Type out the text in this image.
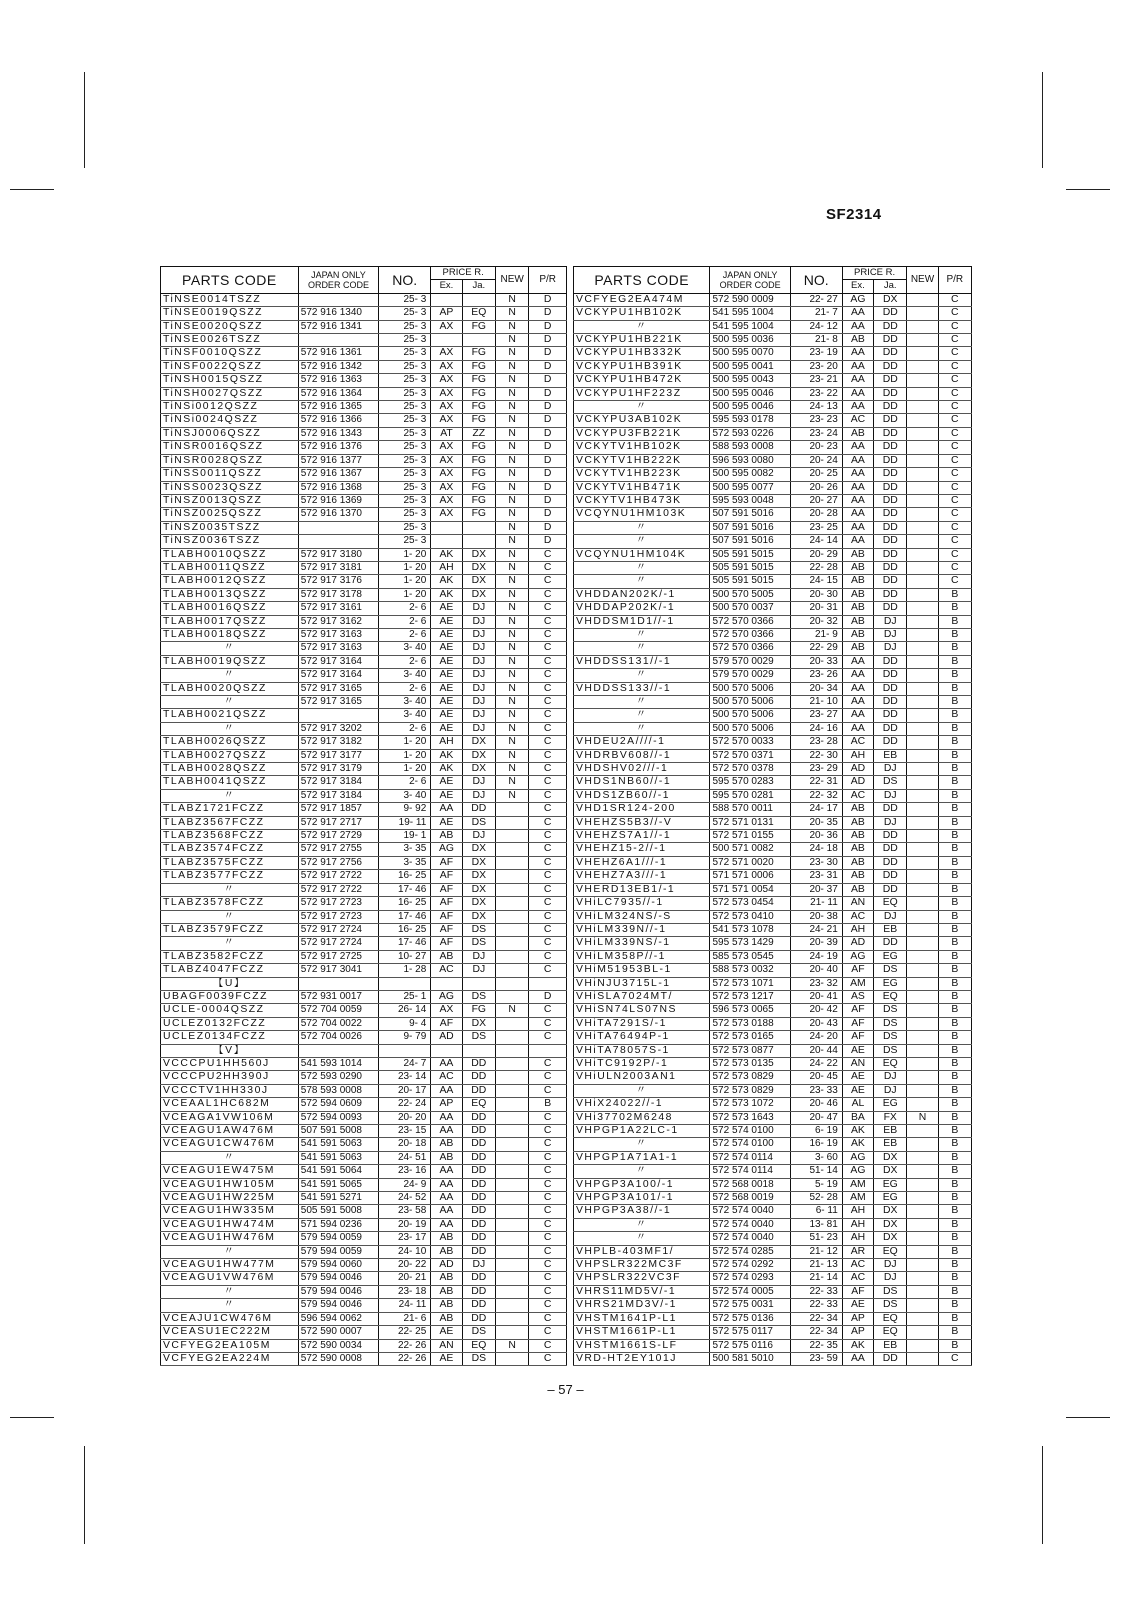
SF2314
PARTS CODE	JAPAN ONLY
ORDER CODE	NO.	PRICE R.		NEW	P/R
			Ex.	Ja.		
TiNSE0014TSZZ		25- 3			N	D
TiNSE0019QSZZ	572 916 1340	25- 3	AP	EQ	N	D
TiNSE0020QSZZ	572 916 1341	25- 3	AX	FG	N	D
TiNSE0026TSZZ		25- 3			N	D
TiNSF0010QSZZ	572 916 1361	25- 3	AX	FG	N	D
TiNSF0022QSZZ	572 916 1342	25- 3	AX	FG	N	D
TiNSH0015QSZZ	572 916 1363	25- 3	AX	FG	N	D
TiNSH0027QSZZ	572 916 1364	25- 3	AX	FG	N	D
TiNSi0012QSZZ	572 916 1365	25- 3	AX	FG	N	D
TiNSi0024QSZZ	572 916 1366	25- 3	AX	FG	N	D
TiNSJ0006QSZZ	572 916 1343	25- 3	AT	ZZ	N	D
TiNSR0016QSZZ	572 916 1376	25- 3	AX	FG	N	D
TiNSR0028QSZZ	572 916 1377	25- 3	AX	FG	N	D
TiNSS0011QSZZ	572 916 1367	25- 3	AX	FG	N	D
TiNSS0023QSZZ	572 916 1368	25- 3	AX	FG	N	D
TiNSZ0013QSZZ	572 916 1369	25- 3	AX	FG	N	D
TiNSZ0025QSZZ	572 916 1370	25- 3	AX	FG	N	D
TiNSZ0035TSZZ		25- 3			N	D
TiNSZ0036TSZZ		25- 3			N	D
TLABH0010QSZZ	572 917 3180	1- 20	AK	DX	N	C
TLABH0011QSZZ	572 917 3181	1- 20	AH	DX	N	C
TLABH0012QSZZ	572 917 3176	1- 20	AK	DX	N	C
TLABH0013QSZZ	572 917 3178	1- 20	AK	DX	N	C
TLABH0016QSZZ	572 917 3161	2- 6	AE	DJ	N	C
TLABH0017QSZZ	572 917 3162	2- 6	AE	DJ	N	C
TLABH0018QSZZ	572 917 3163	2- 6	AE	DJ	N	C
〃	572 917 3163	3- 40	AE	DJ	N	C
TLABH0019QSZZ	572 917 3164	2- 6	AE	DJ	N	C
〃	572 917 3164	3- 40	AE	DJ	N	C
TLABH0020QSZZ	572 917 3165	2- 6	AE	DJ	N	C
〃	572 917 3165	3- 40	AE	DJ	N	C
TLABH0021QSZZ		3- 40	AE	DJ	N	C
〃	572 917 3202	2- 6	AE	DJ	N	C
TLABH0026QSZZ	572 917 3182	1- 20	AH	DX	N	C
TLABH0027QSZZ	572 917 3177	1- 20	AK	DX	N	C
TLABH0028QSZZ	572 917 3179	1- 20	AK	DX	N	C
TLABH0041QSZZ	572 917 3184	2- 6	AE	DJ	N	C
〃	572 917 3184	3- 40	AE	DJ	N	C
TLABZ1721FCZZ	572 917 1857	9- 92	AA	DD		C
TLABZ3567FCZZ	572 917 2717	19- 11	AE	DS		C
TLABZ3568FCZZ	572 917 2729	19- 1	AB	DJ		C
TLABZ3574FCZZ	572 917 2755	3- 35	AG	DX		C
TLABZ3575FCZZ	572 917 2756	3- 35	AF	DX		C
TLABZ3577FCZZ	572 917 2722	16- 25	AF	DX		C
〃	572 917 2722	17- 46	AF	DX		C
TLABZ3578FCZZ	572 917 2723	16- 25	AF	DX		C
〃	572 917 2723	17- 46	AF	DX		C
TLABZ3579FCZZ	572 917 2724	16- 25	AF	DS		C
〃	572 917 2724	17- 46	AF	DS		C
TLABZ3582FCZZ	572 917 2725	10- 27	AB	DJ		C
TLABZ4047FCZZ	572 917 3041	1- 28	AC	DJ		C
【U】						
UBAGF0039FCZZ	572 931 0017	25- 1	AG	DS		D
UCLE-0004QSZZ	572 704 0059	26- 14	AX	FG	N	C
UCLEZ0132FCZZ	572 704 0022	9- 4	AF	DX		C
UCLEZ0134FCZZ	572 704 0026	9- 79	AD	DS		C
【V】						
VCCCPU1HH560J	541 593 1014	24- 7	AA	DD		C
VCCCPU2HH390J	572 593 0290	23- 14	AC	DD		C
VCCCTV1HH330J	578 593 0008	20- 17	AA	DD		C
VCEAAL1HC682M	572 594 0609	22- 24	AP	EQ		B
VCEAGA1VW106M	572 594 0093	20- 20	AA	DD		C
VCEAGU1AW476M	507 591 5008	23- 15	AA	DD		C
VCEAGU1CW476M	541 591 5063	20- 18	AB	DD		C
〃	541 591 5063	24- 51	AB	DD		C
VCEAGU1EW475M	541 591 5064	23- 16	AA	DD		C
VCEAGU1HW105M	541 591 5065	24- 9	AA	DD		C
VCEAGU1HW225M	541 591 5271	24- 52	AA	DD		C
VCEAGU1HW335M	505 591 5008	23- 58	AA	DD		C
VCEAGU1HW474M	571 594 0236	20- 19	AA	DD		C
VCEAGU1HW476M	579 594 0059	23- 17	AB	DD		C
〃	579 594 0059	24- 10	AB	DD		C
VCEAGU1HW477M	579 594 0060	20- 22	AD	DJ		C
VCEAGU1VW476M	579 594 0046	20- 21	AB	DD		C
〃	579 594 0046	23- 18	AB	DD		C
〃	579 594 0046	24- 11	AB	DD		C
VCEAJU1CW476M	596 594 0062	21- 6	AB	DD		C
VCEASU1EC222M	572 590 0007	22- 25	AE	DS		C
VCFYEG2EA105M	572 590 0034	22- 26	AN	EQ	N	C
VCFYEG2EA224M	572 590 0008	22- 26	AE	DS		C
PARTS CODE	JAPAN ONLY
ORDER CODE	NO.	PRICE R.		NEW	P/R
			Ex.	Ja.		
VCFYEG2EA474M	572 590 0009	22- 27	AG	DX		C
VCKYPU1HB102K	541 595 1004	21- 7	AA	DD		C
〃	541 595 1004	24- 12	AA	DD		C
VCKYPU1HB221K	500 595 0036	21- 8	AB	DD		C
VCKYPU1HB332K	500 595 0070	23- 19	AA	DD		C
VCKYPU1HB391K	500 595 0041	23- 20	AA	DD		C
VCKYPU1HB472K	500 595 0043	23- 21	AA	DD		C
VCKYPU1HF223Z	500 595 0046	23- 22	AA	DD		C
〃	500 595 0046	24- 13	AA	DD		C
VCKYPU3AB102K	595 593 0178	23- 23	AC	DD		C
VCKYPU3FB221K	572 593 0226	23- 24	AB	DD		C
VCKYTV1HB102K	588 593 0008	20- 23	AA	DD		C
VCKYTV1HB222K	596 593 0080	20- 24	AA	DD		C
VCKYTV1HB223K	500 595 0082	20- 25	AA	DD		C
VCKYTV1HB471K	500 595 0077	20- 26	AA	DD		C
VCKYTV1HB473K	595 593 0048	20- 27	AA	DD		C
VCQYNU1HM103K	507 591 5016	20- 28	AA	DD		C
〃	507 591 5016	23- 25	AA	DD		C
〃	507 591 5016	24- 14	AA	DD		C
VCQYNU1HM104K	505 591 5015	20- 29	AB	DD		C
〃	505 591 5015	22- 28	AB	DD		C
〃	505 591 5015	24- 15	AB	DD		C
VHDDAN202K/-1	500 570 5005	20- 30	AB	DD		B
VHDDAP202K/-1	500 570 0037	20- 31	AB	DD		B
VHDDSM1D1//-1	572 570 0366	20- 32	AB	DJ		B
〃	572 570 0366	21- 9	AB	DJ		B
〃	572 570 0366	22- 29	AB	DJ		B
VHDDSS131//-1	579 570 0029	20- 33	AA	DD		B
〃	579 570 0029	23- 26	AA	DD		B
VHDDSS133//-1	500 570 5006	20- 34	AA	DD		B
〃	500 570 5006	21- 10	AA	DD		B
〃	500 570 5006	23- 27	AA	DD		B
〃	500 570 5006	24- 16	AA	DD		B
VHDEU2A////-1	572 570 0033	23- 28	AC	DD		B
VHDRBV608//-1	572 570 0371	22- 30	AH	EB		B
VHDSHV02///-1	572 570 0378	23- 29	AD	DJ		B
VHDS1NB60//-1	595 570 0283	22- 31	AD	DS		B
VHDS1ZB60//-1	595 570 0281	22- 32	AC	DJ		B
VHD1SR124-200	588 570 0011	24- 17	AB	DD		B
VHEHZS5B3//-V	572 571 0131	20- 35	AB	DJ		B
VHEHZS7A1//-1	572 571 0155	20- 36	AB	DD		B
VHEHZ15-2//-1	500 571 0082	24- 18	AB	DD		B
VHEHZ6A1///-1	572 571 0020	23- 30	AB	DD		B
VHEHZ7A3///-1	571 571 0006	23- 31	AB	DD		B
VHERD13EB1/-1	571 571 0054	20- 37	AB	DD		B
VHiLC7935//-1	572 573 0454	21- 11	AN	EQ		B
VHiLM324NS/-S	572 573 0410	20- 38	AC	DJ		B
VHiLM339N//-1	541 573 1078	24- 21	AH	EB		B
VHiLM339NS/-1	595 573 1429	20- 39	AD	DD		B
VHiLM358P//-1	585 573 0545	24- 19	AG	EG		B
VHiM51953BL-1	588 573 0032	20- 40	AF	DS		B
VHiNJU3715L-1	572 573 1071	23- 32	AM	EG		B
VHiSLA7024MT/	572 573 1217	20- 41	AS	EQ		B
VHiSN74LS07NS	596 573 0065	20- 42	AF	DS		B
VHiTA7291S/-1	572 573 0188	20- 43	AF	DS		B
VHiTA76494P-1	572 573 0165	24- 20	AF	DS		B
VHiTA78057S-1	572 573 0877	20- 44	AE	DS		B
VHiTC9192P/-1	572 573 0135	24- 22	AN	EQ		B
VHiULN2003AN1	572 573 0829	20- 45	AE	DJ		B
〃	572 573 0829	23- 33	AE	DJ		B
VHiX24022//-1	572 573 1072	20- 46	AL	EG		B
VHi37702M6248	572 573 1643	20- 47	BA	FX	N	B
VHPGP1A22LC-1	572 574 0100	6- 19	AK	EB		B
〃	572 574 0100	16- 19	AK	EB		B
VHPGP1A71A1-1	572 574 0114	3- 60	AG	DX		B
〃	572 574 0114	51- 14	AG	DX		B
VHPGP3A100/-1	572 568 0018	5- 19	AM	EG		B
VHPGP3A101/-1	572 568 0019	52- 28	AM	EG		B
VHPGP3A38//-1	572 574 0040	6- 11	AH	DX		B
〃	572 574 0040	13- 81	AH	DX		B
〃	572 574 0040	51- 23	AH	DX		B
VHPLB-403MF1/	572 574 0285	21- 12	AR	EQ		B
VHPSLR322MC3F	572 574 0292	21- 13	AC	DJ		B
VHPSLR322VC3F	572 574 0293	21- 14	AC	DJ		B
VHRS11MD5V/-1	572 574 0005	22- 33	AF	DS		B
VHRS21MD3V/-1	572 575 0031	22- 33	AE	DS		B
VHSTM1641P-L1	572 575 0136	22- 34	AP	EQ		B
VHSTM1661P-L1	572 575 0117	22- 34	AP	EQ		B
VHSTM1661S-LF	572 575 0116	22- 35	AK	EB		B
VRD-HT2EY101J	500 581 5010	23- 59	AA	DD		C
– 57 –
